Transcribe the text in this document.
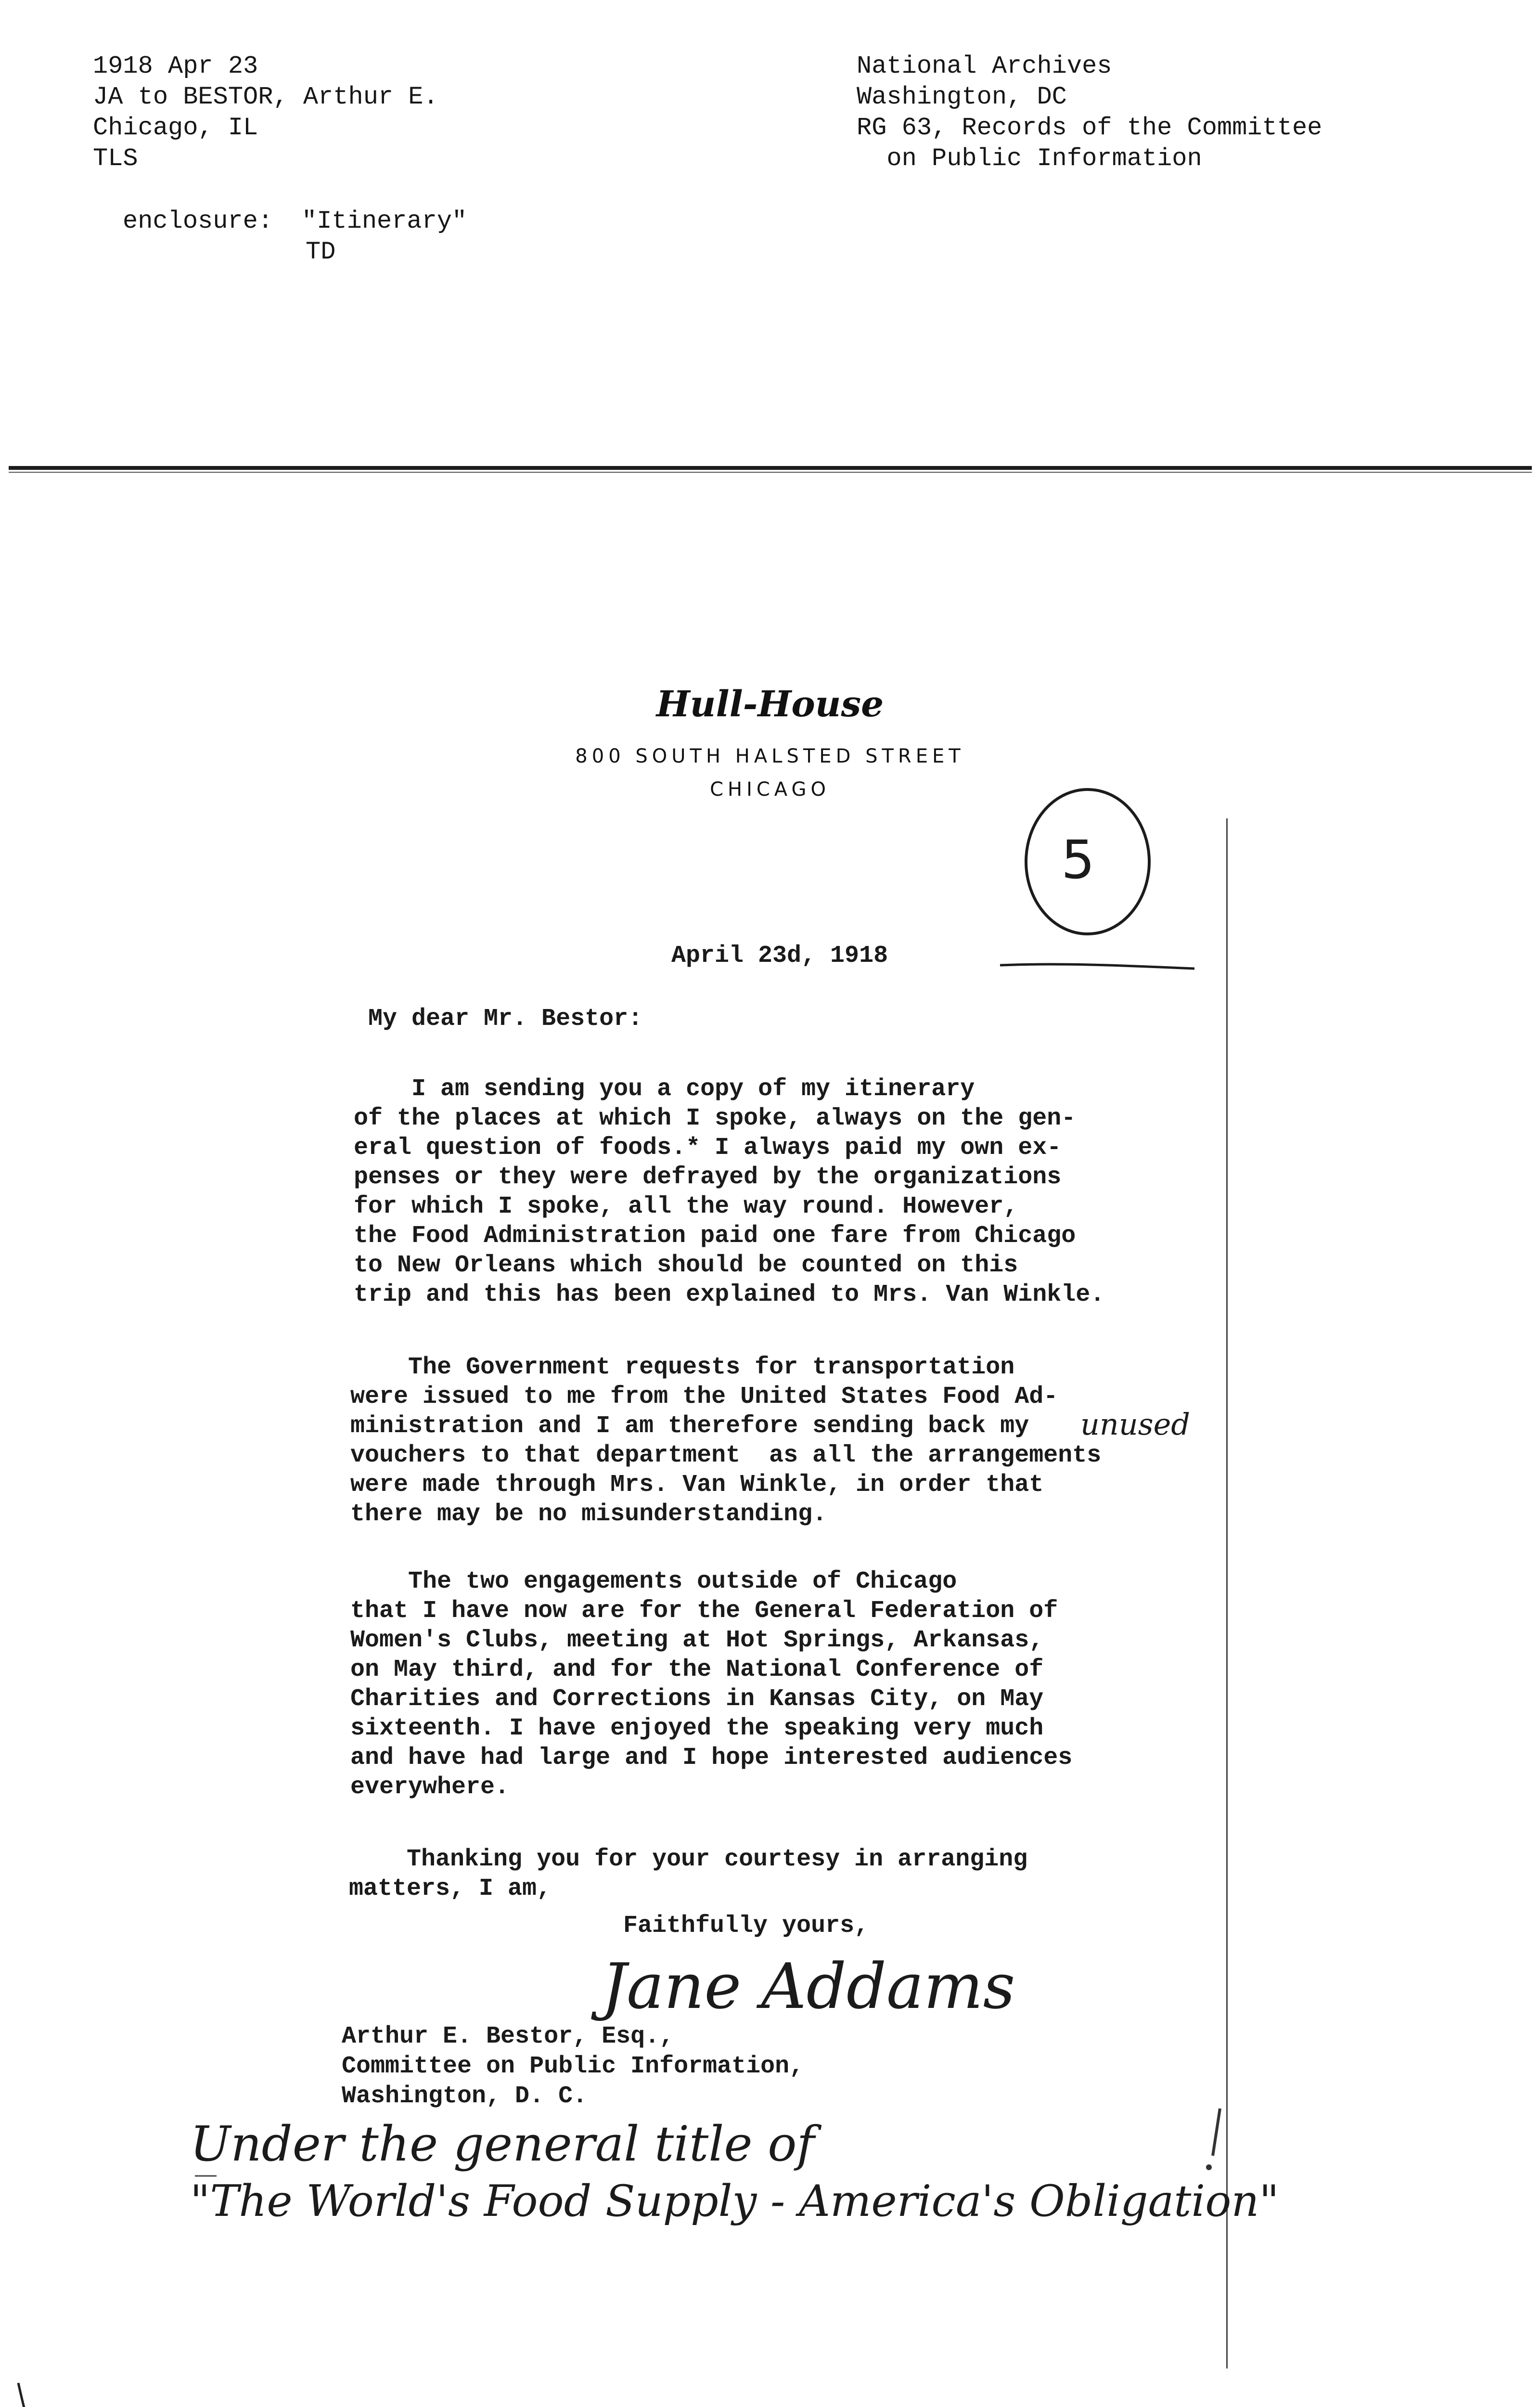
1918 Apr 23
JA to BESTOR, Arthur E.
Chicago, IL
TLS
National Archives
Washington, DC
RG 63, Records of the Committee
on Public Information
enclosure: "Itinerary"
TD
Hull-House
800 SOUTH HALSTED STREET
CHICAGO
5
April 23d, 1918
My dear Mr. Bestor:
I am sending you a copy of my itinerary
of the places at which I spoke, always on the gen-
eral question of foods.* I always paid my own ex-
penses or they were defrayed by the organizations
for which I spoke, all the way round. However,
the Food Administration paid one fare from Chicago
to New Orleans which should be counted on this
trip and this has been explained to Mrs. Van Winkle.
The Government requests for transportation
were issued to me from the United States Food Ad-
ministration and I am therefore sending back my
vouchers to that department  as all the arrangements
were made through Mrs. Van Winkle, in order that
there may be no misunderstanding.
unused
The two engagements outside of Chicago
that I have now are for the General Federation of
Women's Clubs, meeting at Hot Springs, Arkansas,
on May third, and for the National Conference of
Charities and Corrections in Kansas City, on May
sixteenth. I have enjoyed the speaking very much
and have had large and I hope interested audiences
everywhere.
Thanking you for your courtesy in arranging
matters, I am,
Faithfully yours,
Jane Addams
Arthur E. Bestor, Esq.,
Committee on Public Information,
Washington, D. C.
Under the general title of
"The World's Food Supply - America's Obligation"
